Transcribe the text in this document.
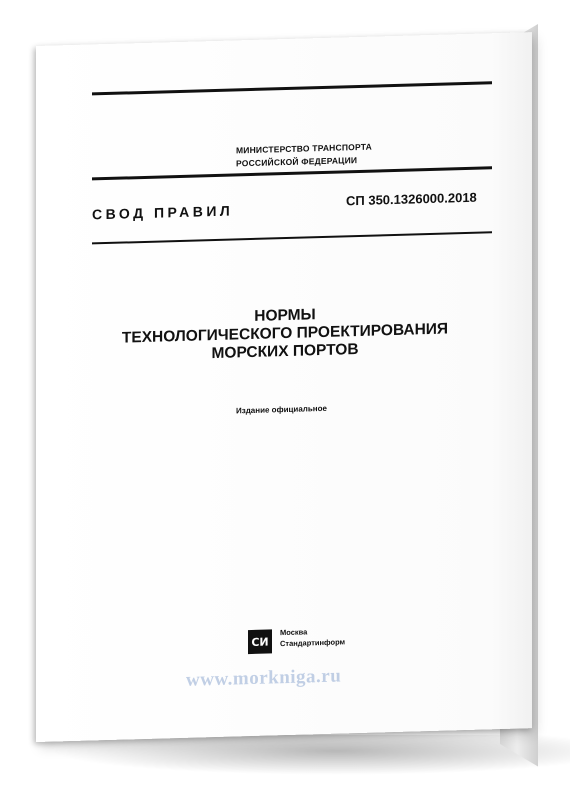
МИНИСТЕРСТВО ТРАНСПОРТА
РОССИЙСКОЙ ФЕДЕРАЦИИ
СВОД ПРАВИЛ
СП 350.1326000.2018
НОРМЫ
ТЕХНОЛОГИЧЕСКОГО ПРОЕКТИРОВАНИЯ
МОРСКИХ ПОРТОВ
Издание официальное
СИ
Москва
Стандартинформ
www.morkniga.ru
